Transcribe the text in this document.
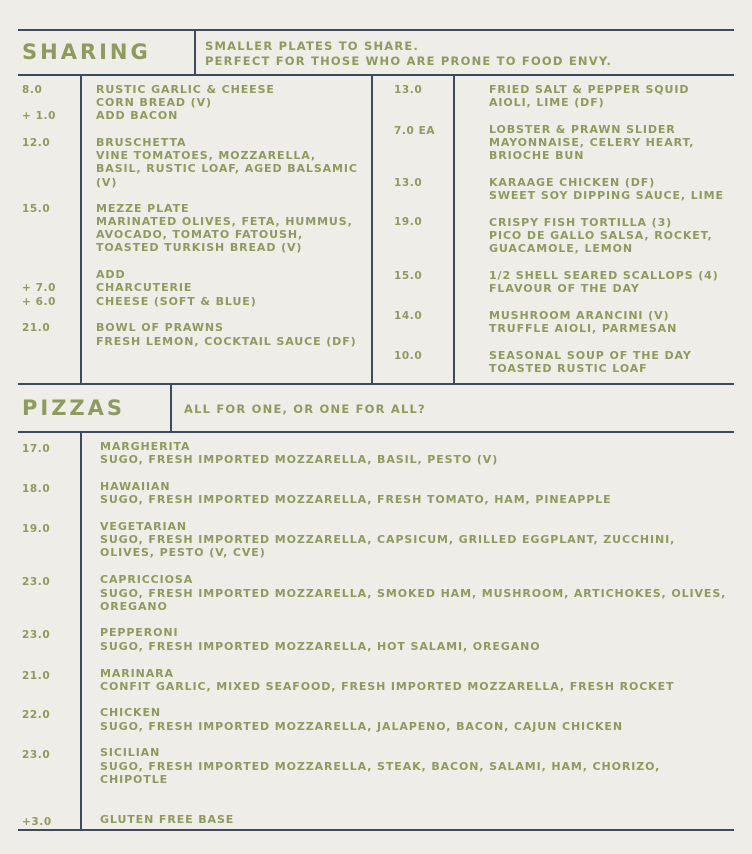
SHARING	SMALLER PLATES TO SHARE.
PERFECT FOR THOSE WHO ARE PRONE TO FOOD ENVY.
8.0	RUSTIC GARLIC & CHEESE
CORN BREAD (V)
+ 1.0	ADD BACON
12.0	BRUSCHETTA
VINE TOMATOES, MOZZARELLA,
BASIL, RUSTIC LOAF, AGED BALSAMIC
(V)
15.0	MEZZE PLATE
MARINATED OLIVES, FETA, HUMMUS,
AVOCADO, TOMATO FATOUSH,
TOASTED TURKISH BREAD (V)
ADD
+ 7.0	CHARCUTERIE
+ 6.0	CHEESE (SOFT & BLUE)
21.0	BOWL OF PRAWNS
FRESH LEMON, COCKTAIL SAUCE (DF)
13.0	FRIED SALT & PEPPER SQUID
AIOLI, LIME (DF)
7.0 EA	LOBSTER & PRAWN SLIDER
MAYONNAISE, CELERY HEART,
BRIOCHE BUN
13.0	KARAAGE CHICKEN (DF)
SWEET SOY DIPPING SAUCE, LIME
19.0	CRISPY FISH TORTILLA (3)
PICO DE GALLO SALSA, ROCKET,
GUACAMOLE, LEMON
15.0	1/2 SHELL SEARED SCALLOPS (4)
FLAVOUR OF THE DAY
14.0	MUSHROOM ARANCINI (V)
TRUFFLE AIOLI, PARMESAN
10.0	SEASONAL SOUP OF THE DAY
TOASTED RUSTIC LOAF
PIZZAS	ALL FOR ONE, OR ONE FOR ALL?
17.0	MARGHERITA
SUGO, FRESH IMPORTED MOZZARELLA, BASIL, PESTO (V)
18.0	HAWAIIAN
SUGO, FRESH IMPORTED MOZZARELLA, FRESH TOMATO, HAM, PINEAPPLE
19.0	VEGETARIAN
SUGO, FRESH IMPORTED MOZZARELLA, CAPSICUM, GRILLED EGGPLANT, ZUCCHINI,
OLIVES, PESTO (V, CVE)
23.0	CAPRICCIOSA
SUGO, FRESH IMPORTED MOZZARELLA, SMOKED HAM, MUSHROOM, ARTICHOKES, OLIVES,
OREGANO
23.0	PEPPERONI
SUGO, FRESH IMPORTED MOZZARELLA, HOT SALAMI, OREGANO
21.0	MARINARA
CONFIT GARLIC, MIXED SEAFOOD, FRESH IMPORTED MOZZARELLA, FRESH ROCKET
22.0	CHICKEN
SUGO, FRESH IMPORTED MOZZARELLA, JALAPENO, BACON, CAJUN CHICKEN
23.0	SICILIAN
SUGO, FRESH IMPORTED MOZZARELLA, STEAK, BACON, SALAMI, HAM, CHORIZO,
CHIPOTLE
+3.0	GLUTEN FREE BASE
